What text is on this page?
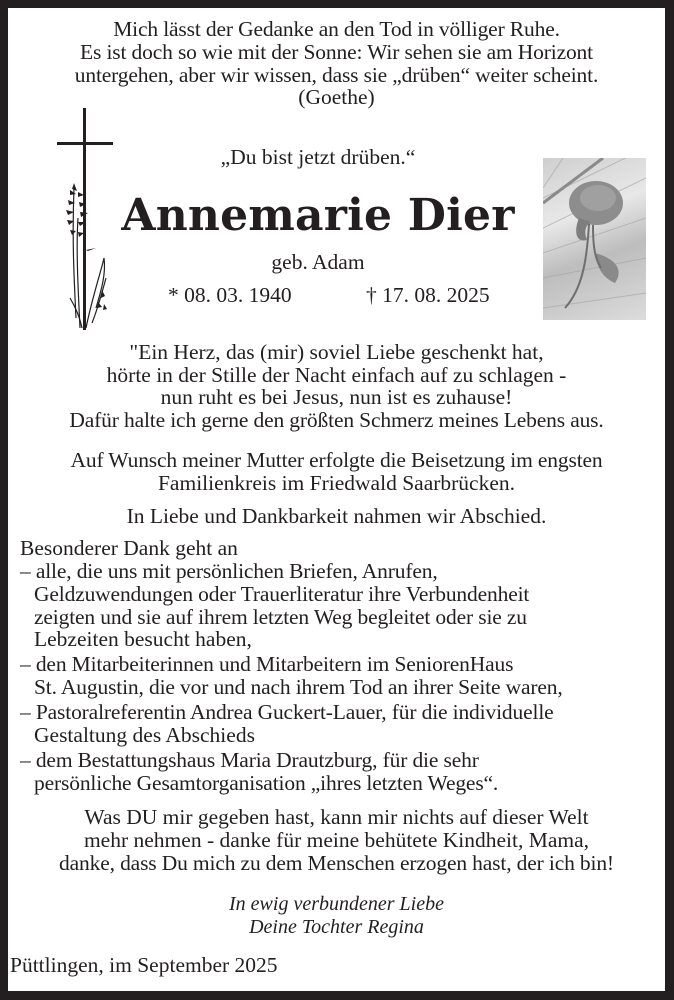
Mich lässt der Gedanke an den Tod in völliger Ruhe.
Es ist doch so wie mit der Sonne: Wir sehen sie am Horizont
untergehen, aber wir wissen, dass sie „drüben“ weiter scheint.
(Goethe)
„Du bist jetzt drüben.“
Annemarie Dier
geb. Adam
* 08. 03. 1940	† 17. 08. 2025
"Ein Herz, das (mir) soviel Liebe geschenkt hat,
hörte in der Stille der Nacht einfach auf zu schlagen -
nun ruht es bei Jesus, nun ist es zuhause!
Dafür halte ich gerne den größten Schmerz meines Lebens aus.
Auf Wunsch meiner Mutter erfolgte die Beisetzung im engsten
Familienkreis im Friedwald Saarbrücken.
In Liebe und Dankbarkeit nahmen wir Abschied.
Besonderer Dank geht an
– alle, die uns mit persönlichen Briefen, Anrufen,
Geldzuwendungen oder Trauerliteratur ihre Verbundenheit
zeigten und sie auf ihrem letzten Weg begleitet oder sie zu
Lebzeiten besucht haben,
– den Mitarbeiterinnen und Mitarbeitern im SeniorenHaus
St. Augustin, die vor und nach ihrem Tod an ihrer Seite waren,
– Pastoralreferentin Andrea Guckert-Lauer, für die individuelle
Gestaltung des Abschieds
– dem Bestattungshaus Maria Drautzburg, für die sehr
persönliche Gesamtorganisation „ihres letzten Weges“.
Was DU mir gegeben hast, kann mir nichts auf dieser Welt
mehr nehmen - danke für meine behütete Kindheit, Mama,
danke, dass Du mich zu dem Menschen erzogen hast, der ich bin!
In ewig verbundener Liebe
Deine Tochter Regina
Püttlingen, im September 2025
